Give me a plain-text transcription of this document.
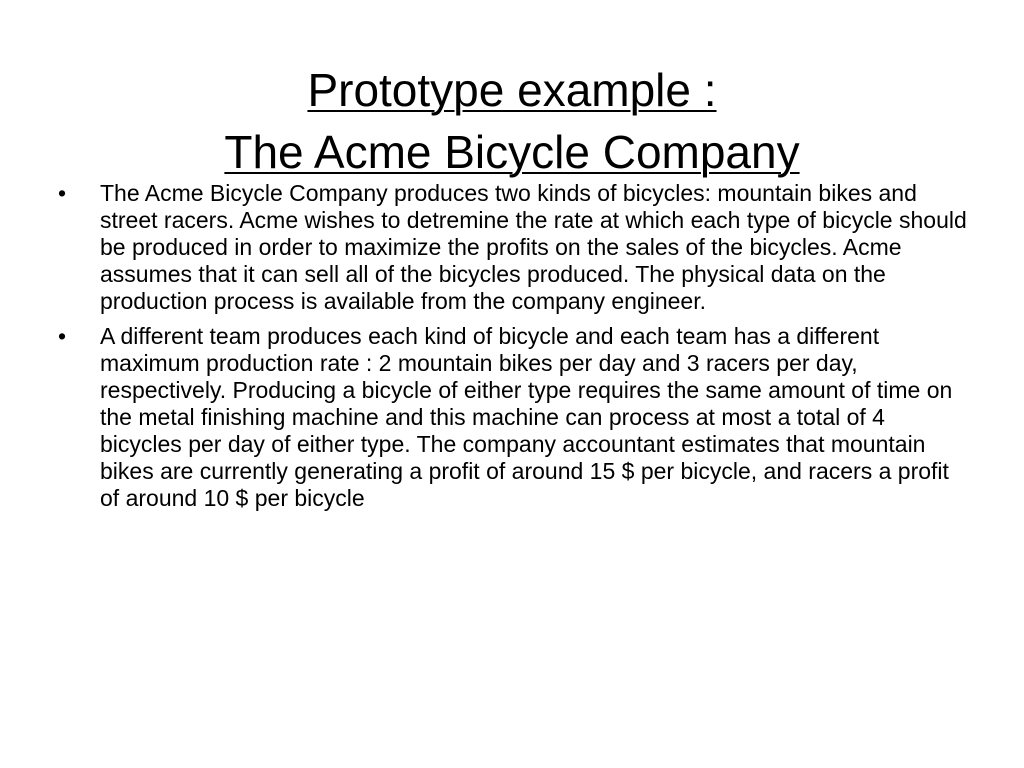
Prototype example :
The Acme Bicycle Company
•	The Acme Bicycle Company produces two kinds of bicycles: mountain bikes and street racers. Acme wishes to detremine the rate at which each type of bicycle should be produced in order to maximize the profits on the sales of the bicycles. Acme assumes that it can sell all of the bicycles produced. The physical data on the production process is available from the company engineer.
•	A different team produces each kind of bicycle and each team has a different maximum production rate : 2 mountain bikes per day and 3 racers per day, respectively. Producing a bicycle of either type requires the same amount of time on the metal finishing machine and this machine can process at most a total of 4 bicycles per day of either type. The company accountant estimates that mountain bikes are currently generating a profit of around 15 $ per bicycle, and racers a profit of around 10 $ per bicycle
